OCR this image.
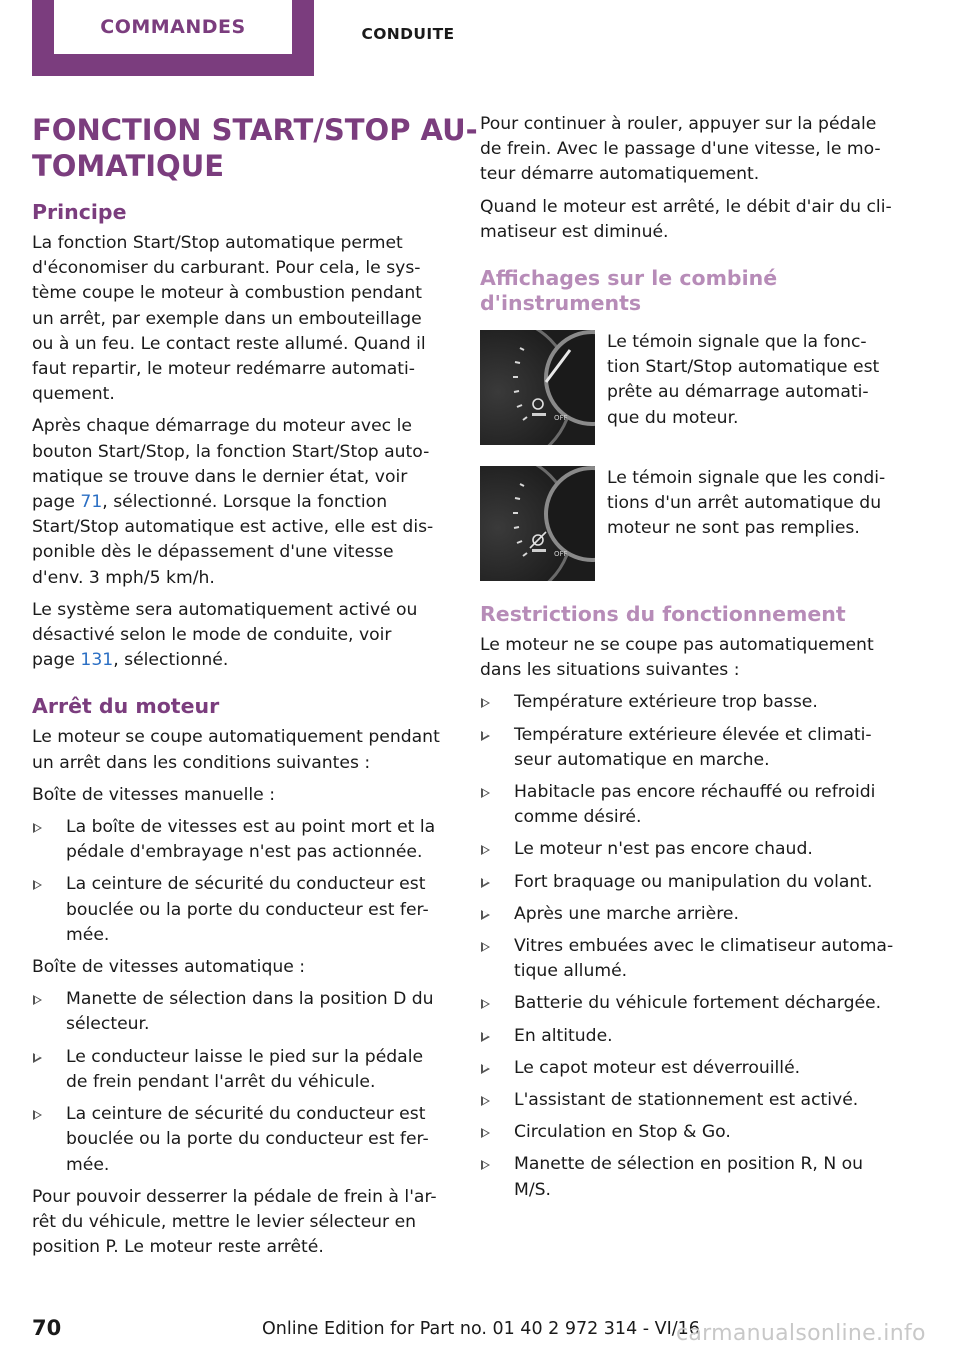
COMMANDES	CONDUITE
FONCTION START/STOP AU-
TOMATIQUE
Principe
La fonction Start/Stop automatique permet
d'économiser du carburant. Pour cela, le sys-
tème coupe le moteur à combustion pendant
un arrêt, par exemple dans un embouteillage
ou à un feu. Le contact reste allumé. Quand il
faut repartir, le moteur redémarre automati-
quement.
Après chaque démarrage du moteur avec le
bouton Start/Stop, la fonction Start/Stop auto-
matique se trouve dans le dernier état, voir
page 71, sélectionné. Lorsque la fonction
Start/Stop automatique est active, elle est dis-
ponible dès le dépassement d'une vitesse
d'env. 3 mph/5 km/h.
Le système sera automatiquement activé ou
désactivé selon le mode de conduite, voir
page 131, sélectionné.
Arrêt du moteur
Le moteur se coupe automatiquement pendant
un arrêt dans les conditions suivantes :
Boîte de vitesses manuelle :
La boîte de vitesses est au point mort et la
pédale d'embrayage n'est pas actionnée.
La ceinture de sécurité du conducteur est
bouclée ou la porte du conducteur est fer-
mée.
Boîte de vitesses automatique :
Manette de sélection dans la position D du
sélecteur.
Le conducteur laisse le pied sur la pédale
de frein pendant l'arrêt du véhicule.
La ceinture de sécurité du conducteur est
bouclée ou la porte du conducteur est fer-
mée.
Pour pouvoir desserrer la pédale de frein à l'ar-
rêt du véhicule, mettre le levier sélecteur en
position P. Le moteur reste arrêté.
Pour continuer à rouler, appuyer sur la pédale
de frein. Avec le passage d'une vitesse, le mo-
teur démarre automatiquement.
Quand le moteur est arrêté, le débit d'air du cli-
matiseur est diminué.
Affichages sur le combiné
d'instruments
OFF
Le témoin signale que la fonc-
tion Start/Stop automatique est
prête au démarrage automati-
que du moteur.
OFF
Le témoin signale que les condi-
tions d'un arrêt automatique du
moteur ne sont pas remplies.
Restrictions du fonctionnement
Le moteur ne se coupe pas automatiquement
dans les situations suivantes :
Température extérieure trop basse.
Température extérieure élevée et climati-
seur automatique en marche.
Habitacle pas encore réchauffé ou refroidi
comme désiré.
Le moteur n'est pas encore chaud.
Fort braquage ou manipulation du volant.
Après une marche arrière.
Vitres embuées avec le climatiseur automa-
tique allumé.
Batterie du véhicule fortement déchargée.
En altitude.
Le capot moteur est déverrouillé.
L'assistant de stationnement est activé.
Circulation en Stop & Go.
Manette de sélection en position R, N ou
M/S.
70	Online Edition for Part no. 01 40 2 972 314 - VI/16
carmanualsonline.info
